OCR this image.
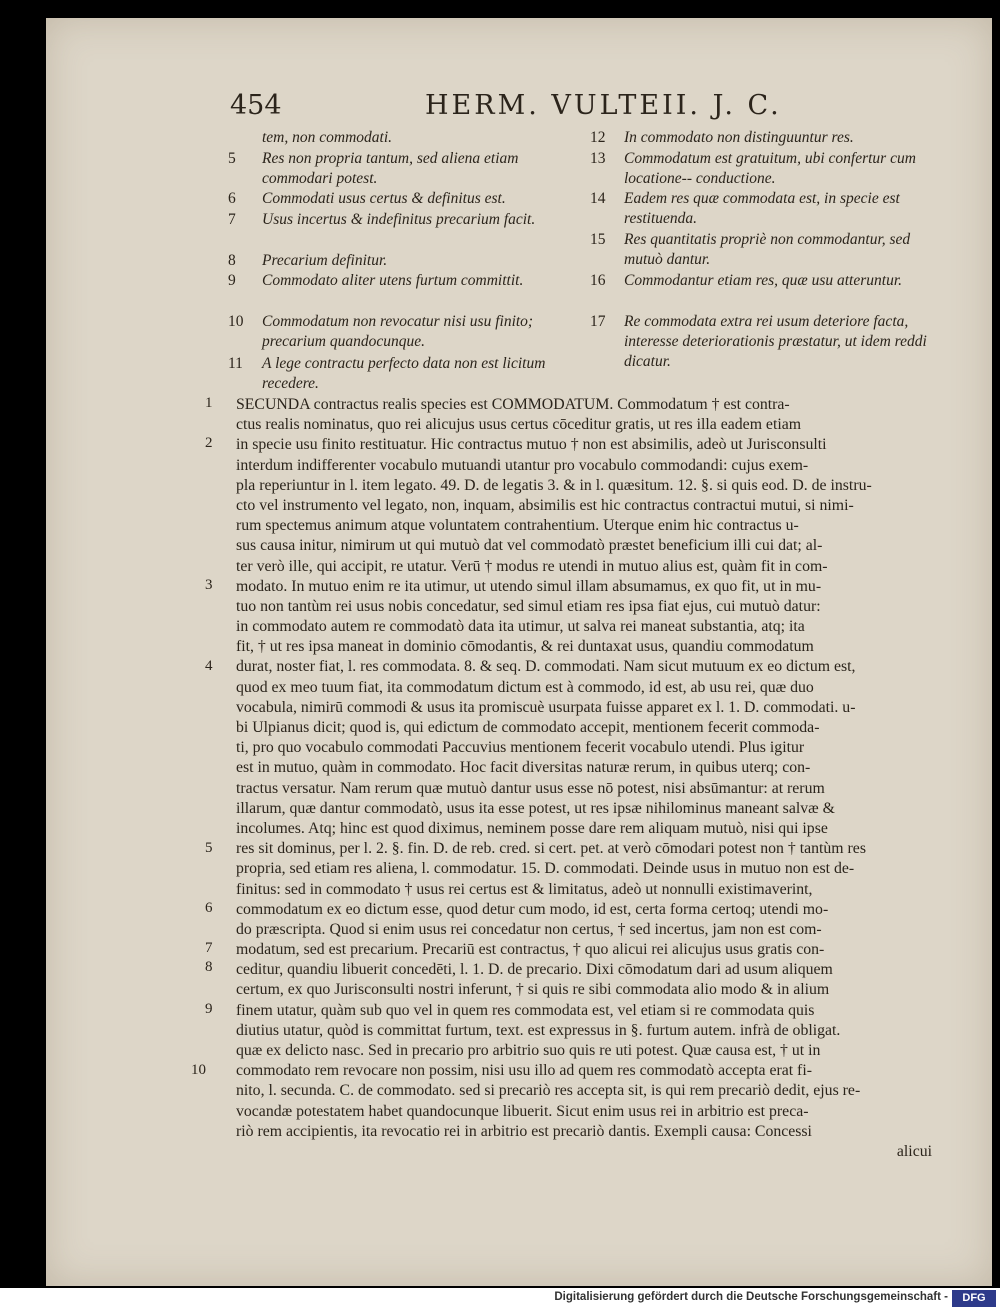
454	HERM. VULTEII. J. C.
tem, non commodati.
5	Res non propria tantum, sed aliena etiam commodari potest.
6	Commodati usus certus & definitus est.
7	Usus incertus & indefinitus precarium facit.
8	Precarium definitur.
9	Commodato aliter utens furtum committit.
10	Commodatum non revocatur nisi usu finito; precarium quandocunque.
11	A lege contractu perfecto data non est licitum recedere.
12	In commodato non distinguuntur res.
13	Commodatum est gratuitum, ubi confertur cum locatione-- conductione.
14	Eadem res quæ commodata est, in specie est restituenda.
15	Res quantitatis propriè non commodantur, sed mutuò dantur.
16	Commodantur etiam res, quæ usu atteruntur.
17	Re commodata extra rei usum deteriore facta, interesse deteriorationis præstatur, ut idem reddi dicatur.
1
2
3
4
5
6
7
8
9
10
SECUNDA contractus realis species est COMMODATUM. Commodatum † est contra-
ctus realis nominatus, quo rei alicujus usus certus cōceditur gratis, ut res illa eadem etiam
in specie usu finito restituatur. Hic contractus mutuo † non est absimilis, adeò ut Jurisconsulti
interdum indifferenter vocabulo mutuandi utantur pro vocabulo commodandi: cujus exem-
pla reperiuntur in l. item legato. 49. D. de legatis 3. & in l. quæsitum. 12. §. si quis eod. D. de instru-
cto vel instrumento vel legato, non, inquam, absimilis est hic contractus contractui mutui, si nimi-
rum spectemus animum atque voluntatem contrahentium. Uterque enim hic contractus u-
sus causa initur, nimirum ut qui mutuò dat vel commodatò præstet beneficium illi cui dat; al-
ter verò ille, qui accipit, re utatur. Verū † modus re utendi in mutuo alius est, quàm fit in com-
modato. In mutuo enim re ita utimur, ut utendo simul illam absumamus, ex quo fit, ut in mu-
tuo non tantùm rei usus nobis concedatur, sed simul etiam res ipsa fiat ejus, cui mutuò datur:
in commodato autem re commodatò data ita utimur, ut salva rei maneat substantia, atq; ita
fit, † ut res ipsa maneat in dominio cōmodantis, & rei duntaxat usus, quandiu commodatum
durat, noster fiat, l. res commodata. 8. & seq. D. commodati. Nam sicut mutuum ex eo dictum est,
quod ex meo tuum fiat, ita commodatum dictum est à commodo, id est, ab usu rei, quæ duo
vocabula, nimirū commodi & usus ita promiscuè usurpata fuisse apparet ex l. 1. D. commodati. u-
bi Ulpianus dicit; quod is, qui edictum de commodato accepit, mentionem fecerit commoda-
ti, pro quo vocabulo commodati Paccuvius mentionem fecerit vocabulo utendi. Plus igitur
est in mutuo, quàm in commodato. Hoc facit diversitas naturæ rerum, in quibus uterq; con-
tractus versatur. Nam rerum quæ mutuò dantur usus esse nō potest, nisi absūmantur: at rerum
illarum, quæ dantur commodatò, usus ita esse potest, ut res ipsæ nihilominus maneant salvæ &
incolumes. Atq; hinc est quod diximus, neminem posse dare rem aliquam mutuò, nisi qui ipse
res sit dominus, per l. 2. §. fin. D. de reb. cred. si cert. pet. at verò cōmodari potest non † tantùm res
propria, sed etiam res aliena, l. commodatur. 15. D. commodati. Deinde usus in mutuo non est de-
finitus: sed in commodato † usus rei certus est & limitatus, adeò ut nonnulli existimaverint,
commodatum ex eo dictum esse, quod detur cum modo, id est, certa forma certoq; utendi mo-
do præscripta. Quod si enim usus rei concedatur non certus, † sed incertus, jam non est com-
modatum, sed est precarium. Precariū est contractus, † quo alicui rei alicujus usus gratis con-
ceditur, quandiu libuerit concedēti, l. 1. D. de precario. Dixi cōmodatum dari ad usum aliquem
certum, ex quo Jurisconsulti nostri inferunt, † si quis re sibi commodata alio modo & in alium
finem utatur, quàm sub quo vel in quem res commodata est, vel etiam si re commodata quis
diutius utatur, quòd is committat furtum, text. est expressus in §. furtum autem. infrà de obligat.
quæ ex delicto nasc. Sed in precario pro arbitrio suo quis re uti potest. Quæ causa est, † ut in
commodato rem revocare non possim, nisi usu illo ad quem res commodatò accepta erat fi-
nito, l. secunda. C. de commodato. sed si precariò res accepta sit, is qui rem precariò dedit, ejus re-
vocandæ potestatem habet quandocunque libuerit. Sicut enim usus rei in arbitrio est preca-
riò rem accipientis, ita revocatio rei in arbitrio est precariò dantis. Exempli causa: Concessi
alicui
Digitalisierung gefördert durch die Deutsche Forschungsgemeinschaft -	DFG
